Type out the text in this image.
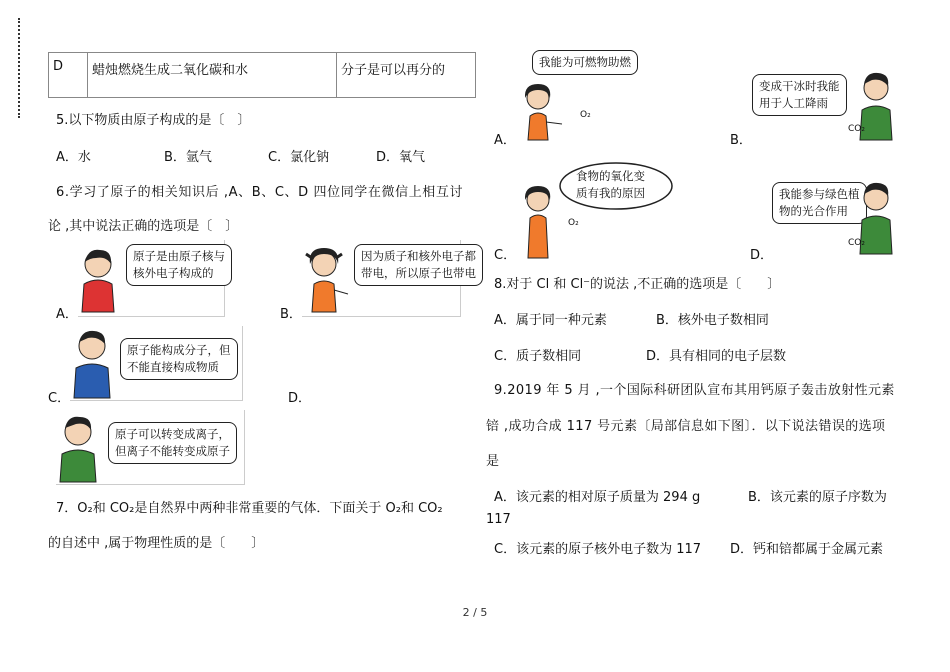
D	蜡烛燃烧生成二氧化碳和水	分子是可以再分的
5.以下物质由原子构成的是〔　〕
A．水	B．氩气	C．氯化钠	D．氧气
6.学习了原子的相关知识后 ,A、B、C、D 四位同学在微信上相互讨
论 ,其中说法正确的选项是〔　〕
A．
原子是由原子核与
核外电子构成的
B．
因为质子和核外电子都
带电，所以原子也带电
C．
原子能构成分子，但
不能直接构成物质
D．
原子可以转变成离子，
但离子不能转变成原子
7．O₂和 CO₂是自然界中两种非常重要的气体．下面关于 O₂和 CO₂
的自述中 ,属于物理性质的是〔　　〕
A．
我能为可燃物助燃
O₂
B．
变成干冰时我能
用于人工降雨
CO₂
C．
食物的氧化变
质有我的原因
O₂
D．
我能参与绿色植
物的光合作用
CO₂
8.对于 Cl 和 Cl⁻的说法 ,不正确的选项是〔　　〕
A．属于同一种元素	B．核外电子数相同
C．质子数相同	D．具有相同的电子层数
9.2019 年 5 月 ,一个国际科研团队宣布其用钙原子轰击放射性元素
锫 ,成功合成 117 号元素〔局部信息如下图〕．以下说法错误的选项
是
A．该元素的相对原子质量为 294 g	B．该元素的原子序数为
117
C．该元素的原子核外电子数为 117 D．钙和锫都属于金属元素
2 / 5
